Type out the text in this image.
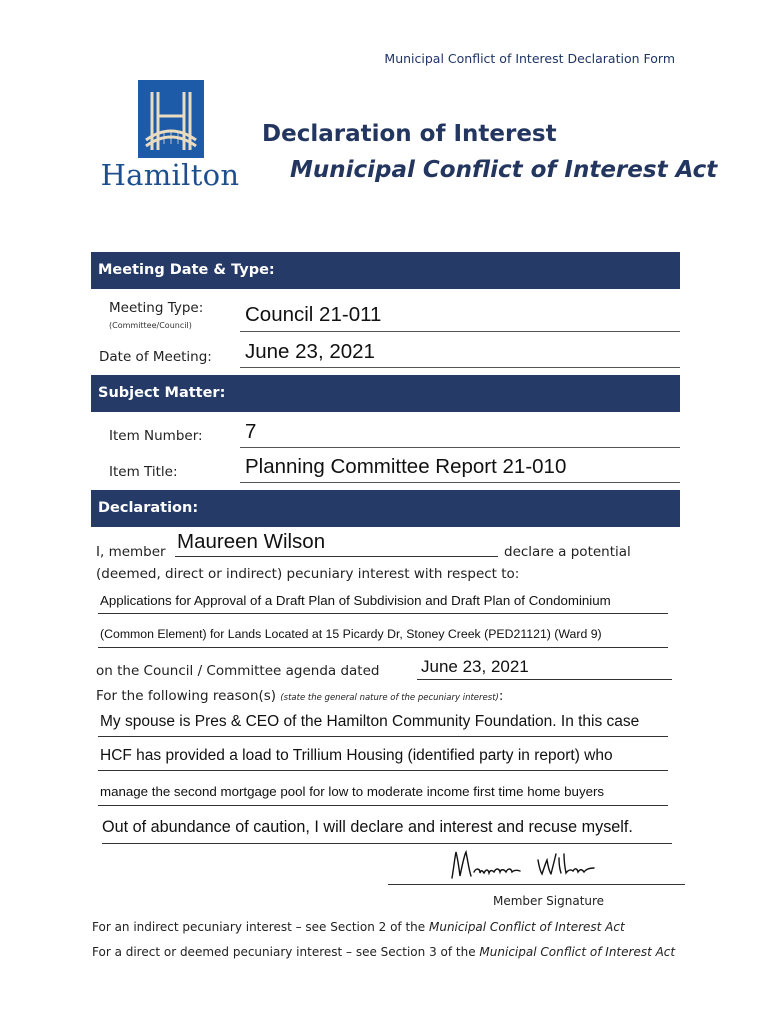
Municipal Conflict of Interest Declaration Form
Hamilton
Declaration of Interest
Municipal Conflict of Interest Act
Meeting Date & Type:
Meeting Type:
(Committee/Council)	Council 21-011
Date of Meeting: June 23, 2021
Subject Matter:
Item Number: 7
Item Title:	Planning Committee Report 21-010
Declaration:
I, member Maureen Wilson	declare a potential
(deemed, direct or indirect) pecuniary interest with respect to:
Applications for Approval of a Draft Plan of Subdivision and Draft Plan of Condominium
(Common Element) for Lands Located at 15 Picardy Dr, Stoney Creek (PED21121) (Ward 9)
on the Council / Committee agenda dated June 23, 2021
For the following reason(s) (state the general nature of the pecuniary interest):
My spouse is Pres & CEO of the Hamilton Community Foundation. In this case
HCF has provided a load to Trillium Housing (identified party in report) who
manage the second mortgage pool for low to moderate income first time home buyers
Out of abundance of caution, I will declare and interest and recuse myself.
Member Signature
For an indirect pecuniary interest – see Section 2 of the Municipal Conflict of Interest Act
For a direct or deemed pecuniary interest – see Section 3 of the Municipal Conflict of Interest Act
